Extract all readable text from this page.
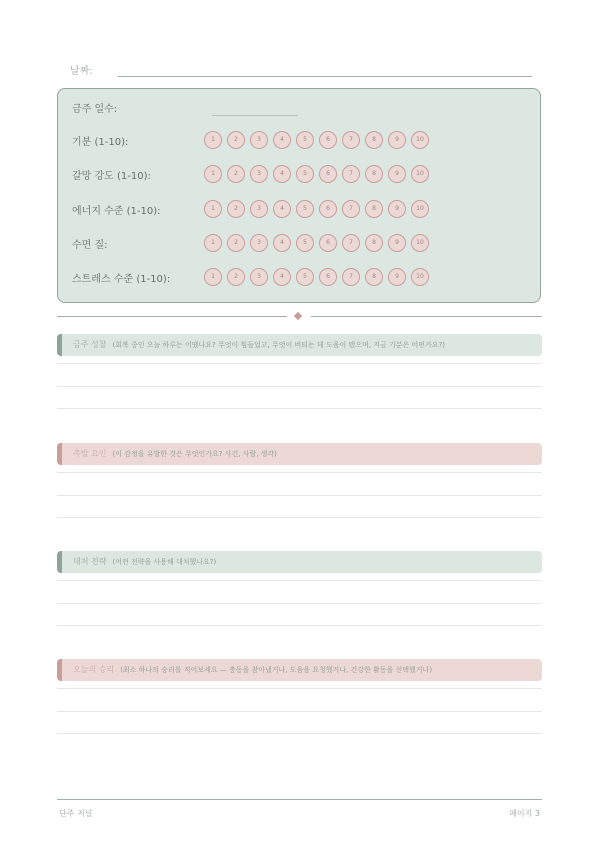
날짜:
금주 일수:
기분 (1-10):	1	2	3	4	5	6	7	8	9	10
갈망 강도 (1-10):	1	2	3	4	5	6	7	8	9	10
에너지 수준 (1-10):	1	2	3	4	5	6	7	8	9	10
수면 질:	1	2	3	4	5	6	7	8	9	10
스트레스 수준 (1-10):	1	2	3	4	5	6	7	8	9	10
금주 성찰 (회복 중인 오늘 하루는 어땠나요? 무엇이 힘들었고, 무엇이 버티는 데 도움이 됐으며, 지금 기분은 어떤가요?)
촉발 요인 (이 감정을 유발한 것은 무엇인가요? 사건, 사람, 생각)
대처 전략 (어떤 전략을 사용해 대처했나요?)
오늘의 승리 (최소 하나의 승리를 적어보세요 — 충동을 참아냈거나, 도움을 요청했거나, 건강한 활동을 선택했거나)
단주 저널	페이지 3
